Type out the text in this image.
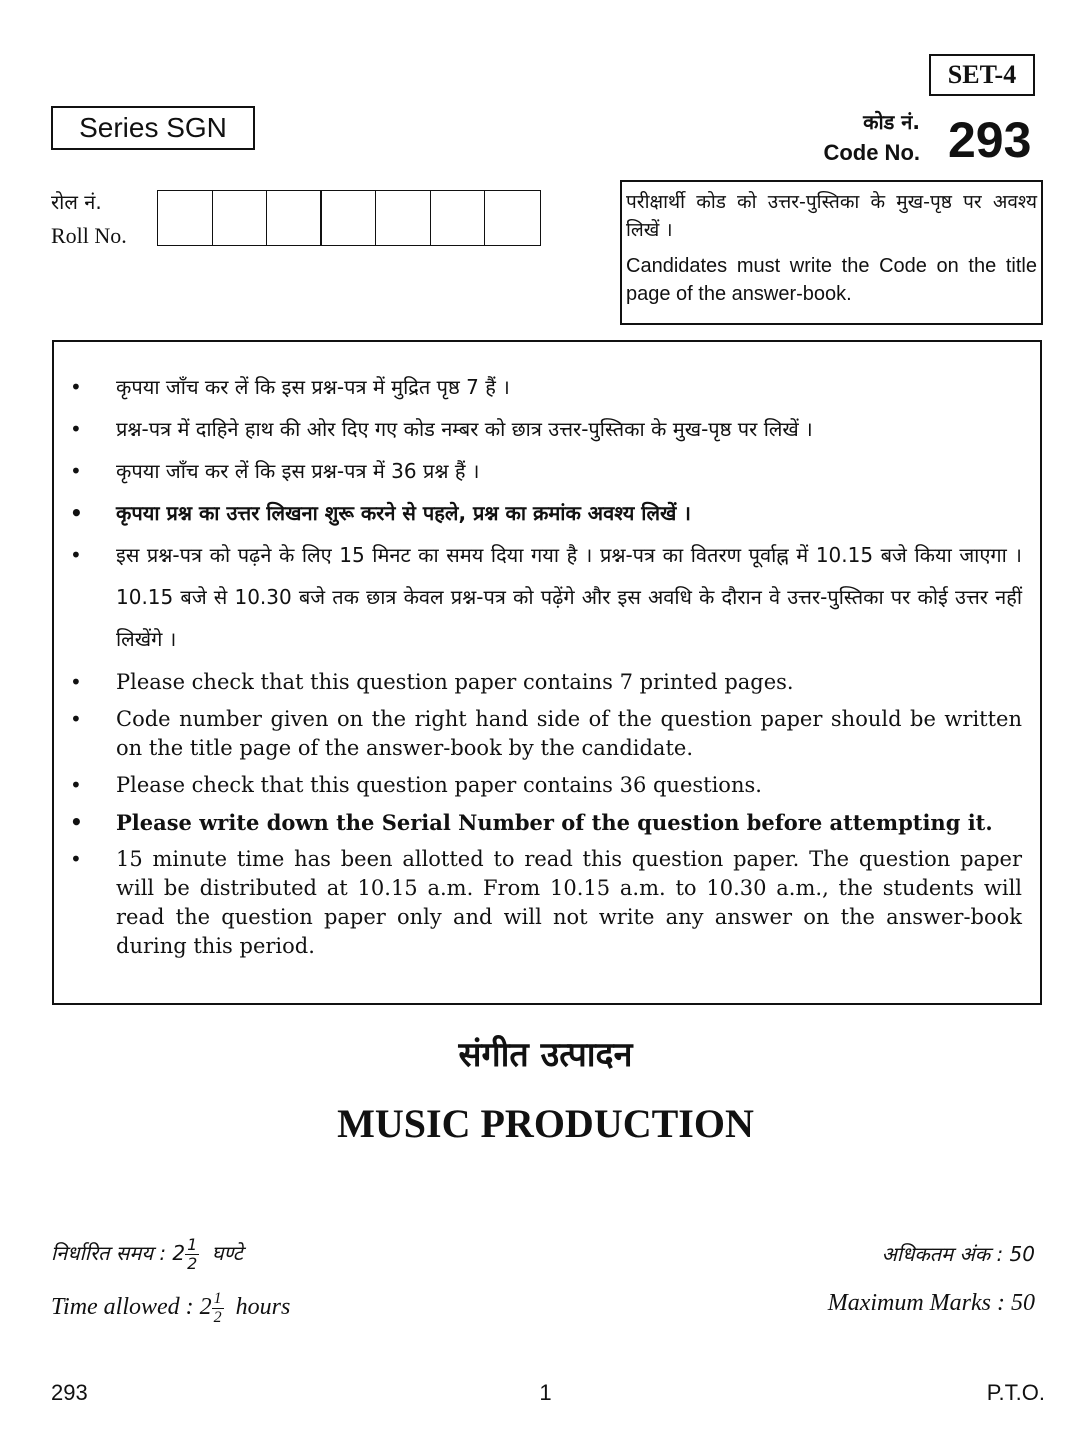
SET-4
Series SGN	कोड नं.
Code No. 293
रोल नं.
Roll No.
परीक्षार्थी कोड को उत्तर-पुस्तिका के मुख-पृष्ठ पर अवश्य लिखें ।
Candidates must write the Code on the title page of the answer-book.
• कृपया जाँच कर लें कि इस प्रश्न-पत्र में मुद्रित पृष्ठ 7 हैं ।
• प्रश्न-पत्र में दाहिने हाथ की ओर दिए गए कोड नम्बर को छात्र उत्तर-पुस्तिका के मुख-पृष्ठ पर लिखें ।
• कृपया जाँच कर लें कि इस प्रश्न-पत्र में 36 प्रश्न हैं ।
• कृपया प्रश्न का उत्तर लिखना शुरू करने से पहले, प्रश्न का क्रमांक अवश्य लिखें ।
• इस प्रश्न-पत्र को पढ़ने के लिए 15 मिनट का समय दिया गया है । प्रश्न-पत्र का वितरण पूर्वाह्न में 10.15 बजे किया जाएगा । 10.15 बजे से 10.30 बजे तक छात्र केवल प्रश्न-पत्र को पढ़ेंगे और इस अवधि के दौरान वे उत्तर-पुस्तिका पर कोई उत्तर नहीं लिखेंगे ।
• Please check that this question paper contains 7 printed pages.
• Code number given on the right hand side of the question paper should be written on the title page of the answer-book by the candidate.
• Please check that this question paper contains 36 questions.
• Please write down the Serial Number of the question before attempting it.
• 15 minute time has been allotted to read this question paper. The question paper will be distributed at 10.15 a.m. From 10.15 a.m. to 10.30 a.m., the students will read the question paper only and will not write any answer on the answer-book during this period.
संगीत उत्पादन
MUSIC PRODUCTION
निर्धारित समय : $2 \frac{1}{2}$ घण्टे
Time allowed : $2 \frac{1}{2}$ hours
अधिकतम अंक : 50
Maximum Marks : 50
293	1	P.T.O.
